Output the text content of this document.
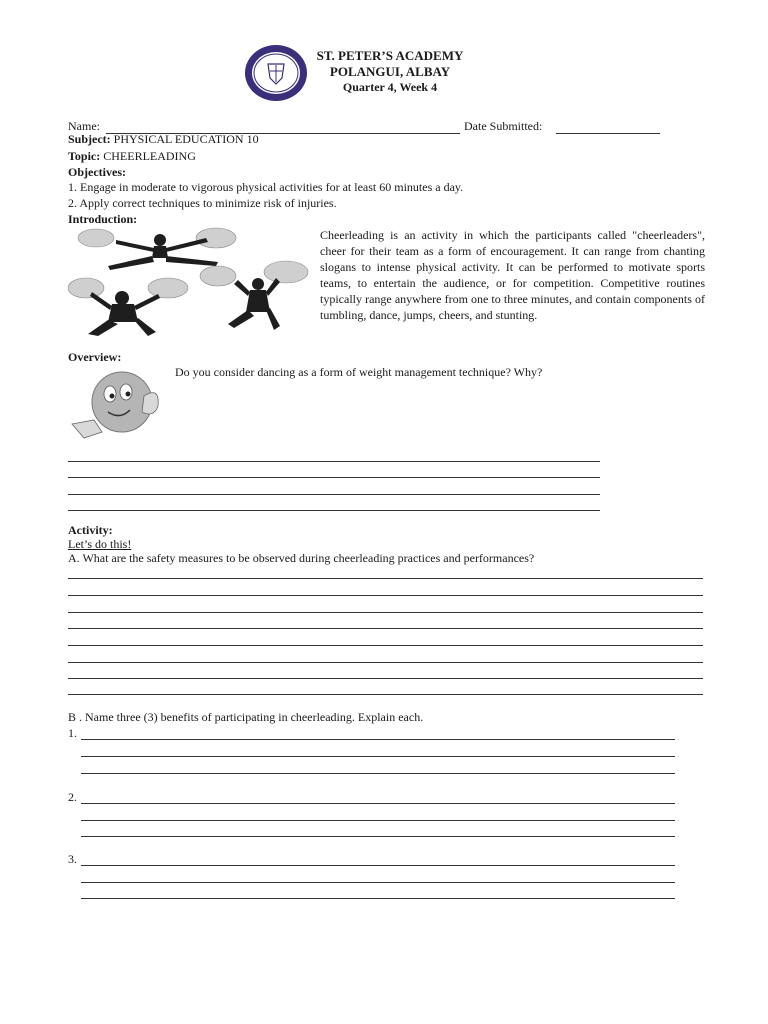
ST. PETER’S ACADEMY
POLANGUI, ALBAY
Quarter 4, Week 4
Name:	Date Submitted:
Subject: PHYSICAL EDUCATION 10
Topic: CHEERLEADING
Objectives:
1. Engage in moderate to vigorous physical activities for at least 60 minutes a day.
2. Apply correct techniques to minimize risk of injuries.
Introduction:
Cheerleading is an activity in which the participants called "cheerleaders", cheer for their team as a form of encouragement. It can range from chanting slogans to intense physical activity. It can be performed to motivate sports teams, to entertain the audience, or for competition. Competitive routines typically range anywhere from one to three minutes, and contain components of tumbling, dance, jumps, cheers, and stunting.
Overview:
Do you consider dancing as a form of weight management technique? Why?
Activity:
Let’s do this!
A. What are the safety measures to be observed during cheerleading practices and performances?
B . Name three (3) benefits of participating in cheerleading. Explain each.
1.
2.
3.
